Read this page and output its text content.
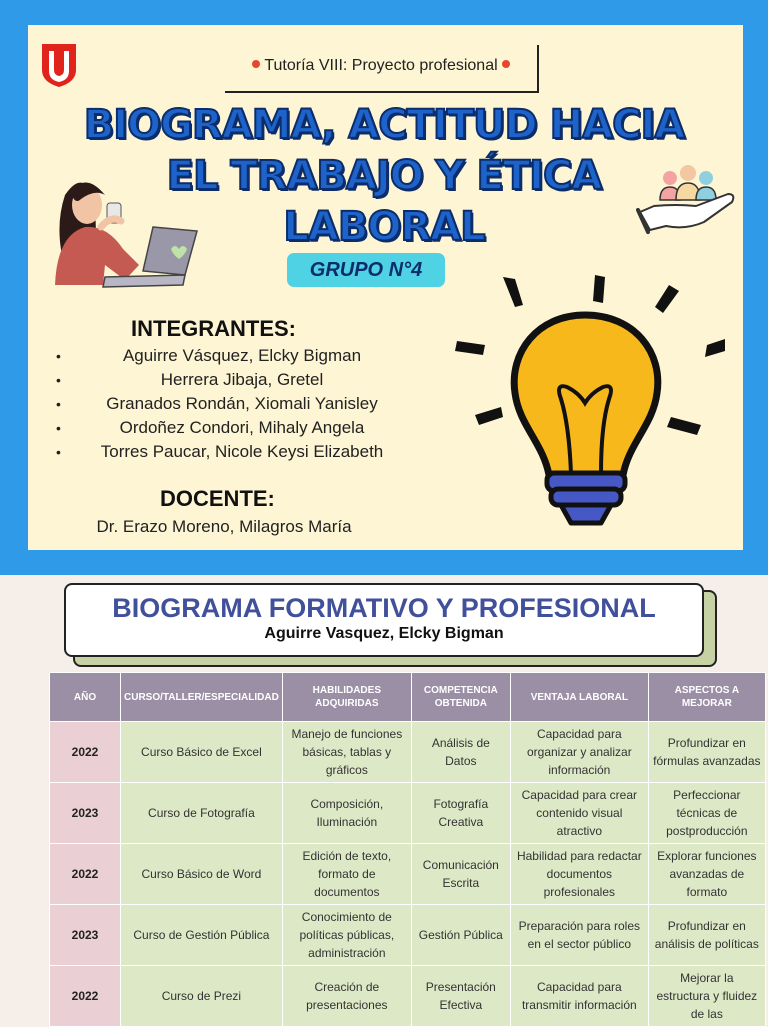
Tutoría VIII: Proyecto profesional
BIOGRAMA, ACTITUD HACIA
EL TRABAJO Y ÉTICA
LABORAL
GRUPO N°4
INTEGRANTES:
• Aguirre Vásquez, Elcky Bigman
• Herrera Jibaja, Gretel
• Granados Rondán, Xiomali Yanisley
• Ordoñez Condori, Mihaly Angela
• Torres Paucar, Nicole Keysi Elizabeth
DOCENTE:
Dr. Erazo Moreno, Milagros María
BIOGRAMA FORMATIVO Y PROFESIONAL
Aguirre Vasquez, Elcky Bigman
AÑO	CURSO/TALLER/ESPECIALIDAD	HABILIDADES ADQUIRIDAS	COMPETENCIA OBTENIDA	VENTAJA LABORAL	ASPECTOS A MEJORAR
2022	Curso Básico de Excel	Manejo de funciones básicas, tablas y gráficos	Análisis de Datos	Capacidad para organizar y analizar información	Profundizar en fórmulas avanzadas
2023	Curso de Fotografía	Composición, Iluminación	Fotografía Creativa	Capacidad para crear contenido visual atractivo	Perfeccionar técnicas de postproducción
2022	Curso Básico de Word	Edición de texto, formato de documentos	Comunicación Escrita	Habilidad para redactar documentos profesionales	Explorar funciones avanzadas de formato
2023	Curso de Gestión Pública	Conocimiento de políticas públicas, administración	Gestión Pública	Preparación para roles en el sector público	Profundizar en análisis de políticas
2022	Curso de Prezi	Creación de presentaciones	Presentación Efectiva	Capacidad para transmitir información	Mejorar la estructura y fluidez de las
